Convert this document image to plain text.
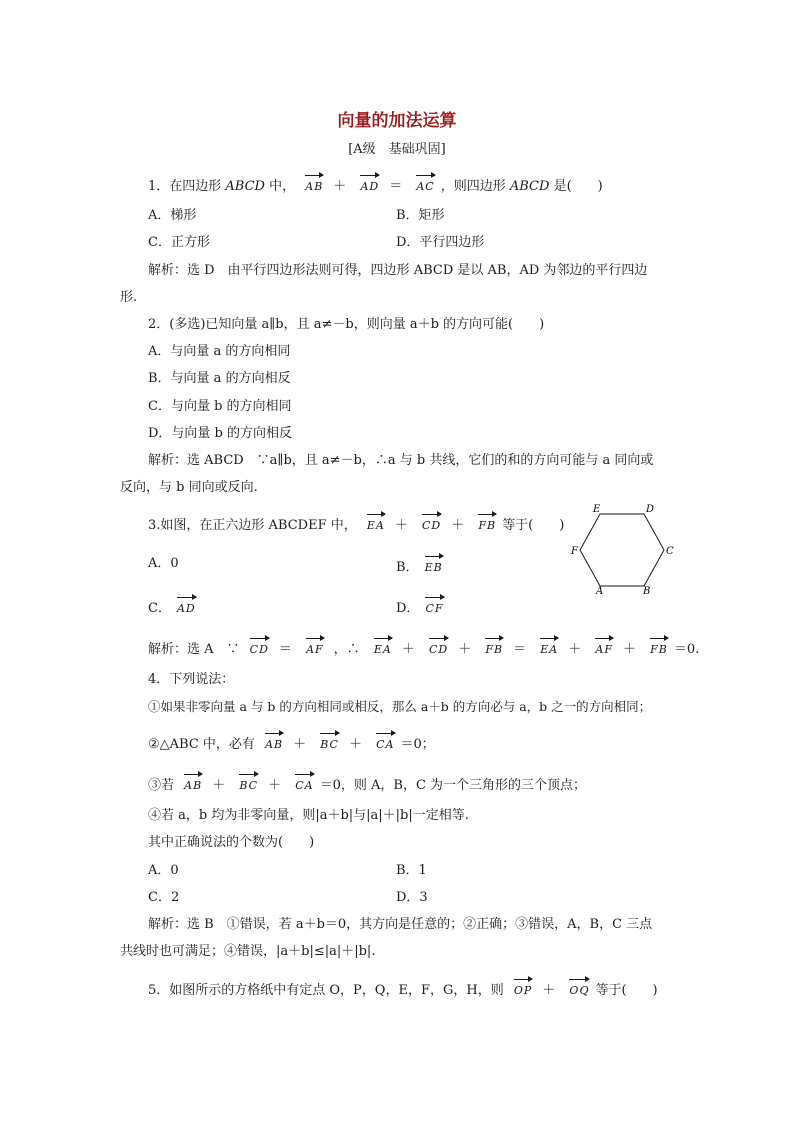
向量的加法运算
[A级　基础巩固]
1．在四边形 ABCD 中， AB ＋ AD ＝ AC ，则四边形 ABCD 是(　　)
A．梯形	B．矩形
C．正方形	D．平行四边形
解析：选 D　由平行四边形法则可得，四边形 ABCD 是以 AB，AD 为邻边的平行四边
形.
2．(多选)已知向量 a∥b，且 a≠－b，则向量 a＋b 的方向可能(　　)
A．与向量 a 的方向相同
B．与向量 a 的方向相反
C．与向量 b 的方向相同
D．与向量 b 的方向相反
解析：选 ABCD　∵a∥b，且 a≠－b，∴a 与 b 共线，它们的和的方向可能与 a 同向或
反向，与 b 同向或反向.
3.如图，在正六边形 ABCDEF 中， EA ＋ CD ＋ FB 等于(　　)
A．0	B． EB
C． AD	D． CF
解析：选 A　∵ CD ＝ AF ，∴ EA ＋ CD ＋ FB ＝ EA ＋ AF ＋ FB ＝0.
E	D
C
B
A
F
4．下列说法：
①如果非零向量 a 与 b 的方向相同或相反，那么 a＋b 的方向必与 a，b 之一的方向相同；
②△ABC 中，必有 AB ＋ BC ＋ CA ＝0；
③若 AB ＋ BC ＋ CA ＝0，则 A，B，C 为一个三角形的三个顶点；
④若 a，b 均为非零向量，则|a＋b|与|a|＋|b|一定相等.
其中正确说法的个数为(　　)
A．0	B．1
C．2	D．3
解析：选 B　①错误，若 a＋b＝0，其方向是任意的；②正确；③错误，A，B，C 三点
共线时也可满足；④错误，|a＋b|≤|a|＋|b|.
5．如图所示的方格纸中有定点 O，P，Q，E，F，G，H，则 OP ＋ OQ 等于(　　)
